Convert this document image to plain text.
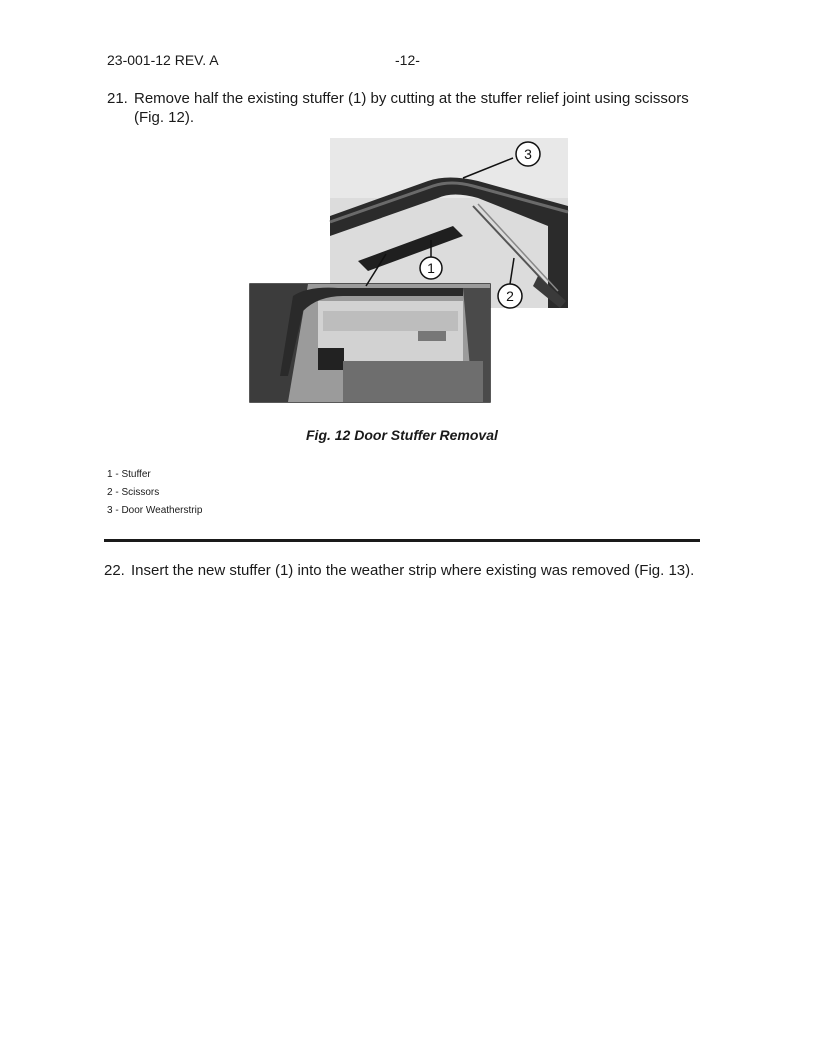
23-001-12 REV. A	-12-
21. Remove half the existing stuffer (1) by cutting at the stuffer relief joint using scissors
(Fig. 12).
3
1
2
Fig. 12 Door Stuffer Removal
1 - Stuffer
2 - Scissors
3 - Door Weatherstrip
22. Insert the new stuffer (1) into the weather strip where existing was removed (Fig. 13).
